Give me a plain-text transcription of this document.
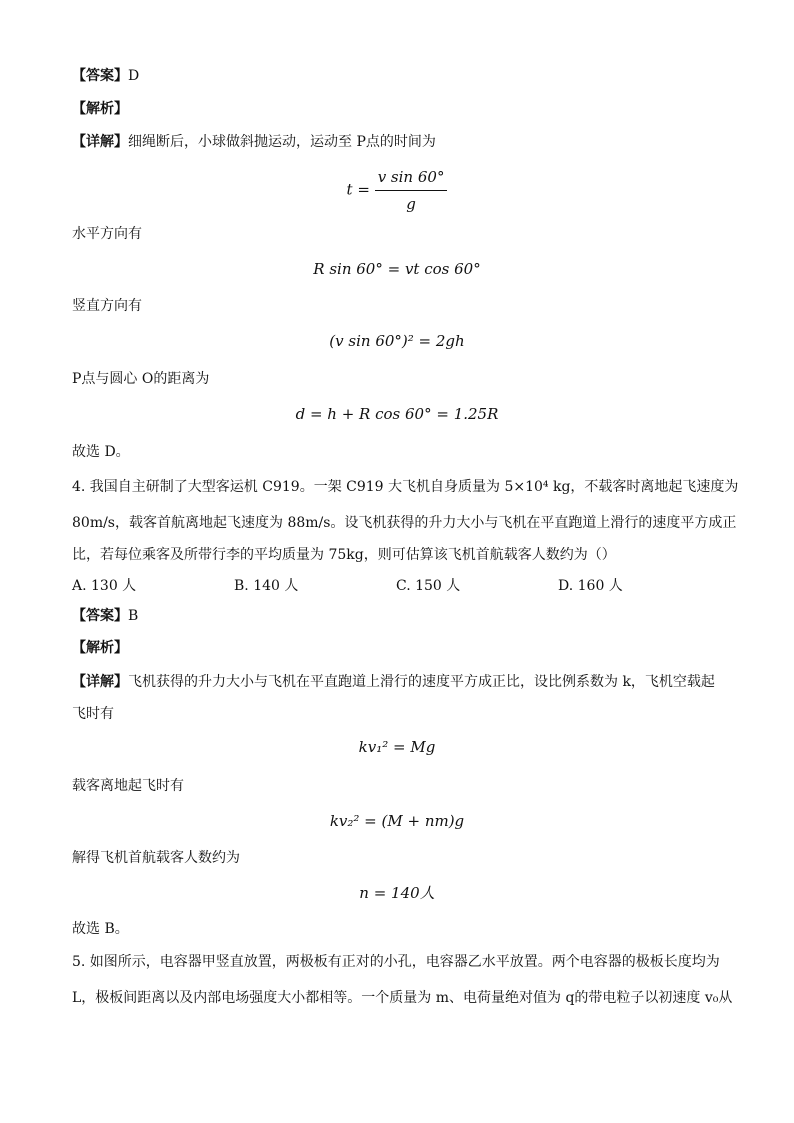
【答案】D
【解析】
【详解】细绳断后，小球做斜抛运动，运动至 P点的时间为
$t = \frac{\text{v sin 60°}}{g}$
水平方向有
R sin 60° = vt cos 60°
竖直方向有
(v sin 60°)² = 2gh
P点与圆心 O的距离为
d = h + R cos 60° = 1.25R
故选 D。
4. 我国自主研制了大型客运机 C919。一架 C919 大飞机自身质量为 5×10⁴ kg，不载客时离地起飞速度为
80m/s，载客首航离地起飞速度为 88m/s。设飞机获得的升力大小与飞机在平直跑道上滑行的速度平方成正
比，若每位乘客及所带行李的平均质量为 75kg，则可估算该飞机首航载客人数约为（）
A. 130 人	B. 140 人	C. 150 人	D. 160 人
【答案】B
【解析】
【详解】飞机获得的升力大小与飞机在平直跑道上滑行的速度平方成正比，设比例系数为 k，飞机空载起
飞时有
kv₁² = Mg
载客离地起飞时有
kv₂² = (M + nm)g
解得飞机首航载客人数约为
n = 140人
故选 B。
5. 如图所示，电容器甲竖直放置，两极板有正对的小孔，电容器乙水平放置。两个电容器的极板长度均为
L，极板间距离以及内部电场强度大小都相等。一个质量为 m、电荷量绝对值为 q的带电粒子以初速度 v₀从
